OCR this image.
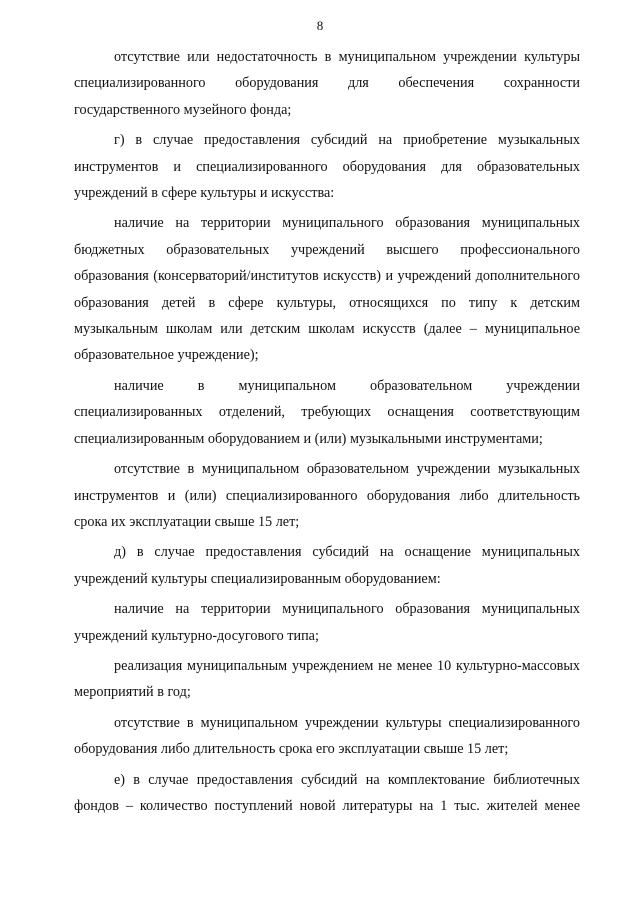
8

отсутствие или недостаточность в муниципальном учреждении культуры специализированного оборудования для обеспечения сохранности государственного музейного фонда;

г) в случае предоставления субсидий на приобретение музыкальных инструментов и специализированного оборудования для образовательных учреждений в сфере культуры и искусства:

наличие на территории муниципального образования муниципальных бюджетных образовательных учреждений высшего профессионального образования (консерваторий/институтов искусств) и учреждений дополнительного образования детей в сфере культуры, относящихся по типу к детским музыкальным школам или детским школам искусств (далее – муниципальное образовательное учреждение);

наличие в муниципальном образовательном учреждении специализированных отделений, требующих оснащения соответствующим специализированным оборудованием и (или) музыкальными инструментами;

отсутствие в муниципальном образовательном учреждении музыкальных инструментов и (или) специализированного оборудования либо длительность срока их эксплуатации свыше 15 лет;

д) в случае предоставления субсидий на оснащение муниципальных учреждений культуры специализированным оборудованием:

наличие на территории муниципального образования муниципальных учреждений культурно-досугового типа;

реализация муниципальным учреждением не менее 10 культурно-массовых мероприятий в год;

отсутствие в муниципальном учреждении культуры специализированного оборудования либо длительность срока его эксплуатации свыше 15 лет;

е) в случае предоставления субсидий на комплектование библиотечных фондов – количество поступлений новой литературы на 1 тыс. жителей менее
